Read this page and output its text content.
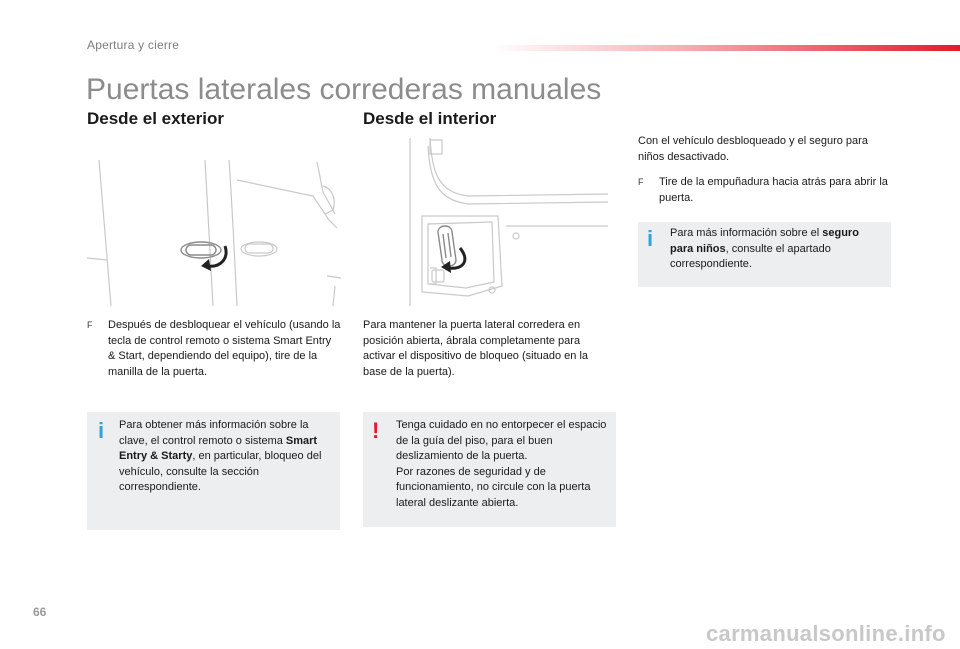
Apertura y cierre
Puertas laterales correderas manuales
Desde el exterior
F	Después de desbloquear el vehículo (usando la tecla de control remoto o sistema Smart Entry & Start, dependiendo del equipo), tire de la manilla de la puerta.
i Para obtener más información sobre la clave, el control remoto o sistema Smart Entry & Starty, en particular, bloqueo del vehículo, consulte la sección correspondiente.
Desde el interior
Para mantener la puerta lateral corredera en posición abierta, ábrala completamente para activar el dispositivo de bloqueo (situado en la base de la puerta).
! Tenga cuidado en no entorpecer el espacio de la guía del piso, para el buen deslizamiento de la puerta.
Por razones de seguridad y de funcionamiento, no circule con la puerta lateral deslizante abierta.
Con el vehículo desbloqueado y el seguro para niños desactivado.
F	Tire de la empuñadura hacia atrás para abrir la puerta.
i Para más información sobre el seguro para niños, consulte el apartado correspondiente.
66
carmanualsonline.info
